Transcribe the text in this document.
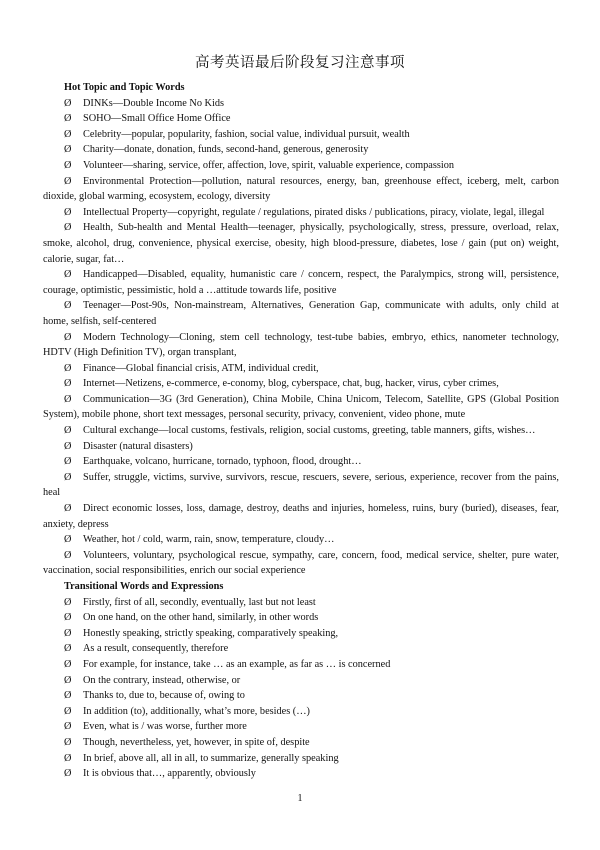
高考英语最后阶段复习注意事项
Hot Topic and Topic Words

Ø DINKs—Double Income No Kids

Ø SOHO—Small Office Home Office

Ø Celebrity—popular, popularity, fashion, social value, individual pursuit, wealth

Ø Charity—donate, donation, funds, second-hand, generous, generosity

Ø Volunteer—sharing, service, offer, affection, love, spirit, valuable experience, compassion

Ø Environmental Protection—pollution, natural resources, energy, ban, greenhouse effect, iceberg, melt, carbon dioxide, global warming, ecosystem, ecology, diversity

Ø Intellectual Property—copyright, regulate / regulations, pirated disks / publications, piracy, violate, legal, illegal

Ø Health, Sub-health and Mental Health—teenager, physically, psychologically, stress, pressure, overload, relax, smoke, alcohol, drug, convenience, physical exercise, obesity, high blood-pressure, diabetes, lose / gain (put on) weight, calorie, sugar, fat…

Ø Handicapped—Disabled, equality, humanistic care / concern, respect, the Paralympics, strong will, persistence, courage, optimistic, pessimistic, hold a …attitude towards life, positive

Ø Teenager—Post-90s, Non-mainstream, Alternatives, Generation Gap, communicate with adults, only child at home, selfish, self-centered

Ø Modern Technology—Cloning, stem cell technology, test-tube babies, embryo, ethics, nanometer technology, HDTV (High Definition TV), organ transplant,

Ø Finance—Global financial crisis, ATM, individual credit,

Ø Internet—Netizens, e-commerce, e-conomy, blog, cyberspace, chat, bug, hacker, virus, cyber crimes,

Ø Communication—3G (3rd Generation), China Mobile, China Unicom, Telecom, Satellite, GPS (Global Position System), mobile phone, short text messages, personal security, privacy, convenient, video phone, mute

Ø Cultural exchange—local customs, festivals, religion, social customs, greeting, table manners, gifts, wishes…

Ø Disaster (natural disasters)

Ø Earthquake, volcano, hurricane, tornado, typhoon, flood, drought…

Ø Suffer, struggle, victims, survive, survivors, rescue, rescuers, severe, serious, experience, recover from the pains, heal

Ø Direct economic losses, loss, damage, destroy, deaths and injuries, homeless, ruins, bury (buried), diseases, fear, anxiety, depress

Ø Weather, hot / cold, warm, rain, snow, temperature, cloudy…

Ø Volunteers, voluntary, psychological rescue, sympathy, care, concern, food, medical service, shelter, pure water, vaccination, social responsibilities, enrich our social experience

Transitional Words and Expressions

Ø Firstly, first of all, secondly, eventually, last but not least

Ø On one hand, on the other hand, similarly, in other words

Ø Honestly speaking, strictly speaking, comparatively speaking,

Ø As a result, consequently, therefore

Ø For example, for instance, take … as an example, as far as … is concerned

Ø On the contrary, instead, otherwise, or

Ø Thanks to, due to, because of, owing to

Ø In addition (to), additionally, what’s more, besides (…)

Ø Even, what is / was worse, further more

Ø Though, nevertheless, yet, however, in spite of, despite

Ø In brief, above all, all in all, to summarize, generally speaking

Ø It is obvious that…, apparently, obviously

1
